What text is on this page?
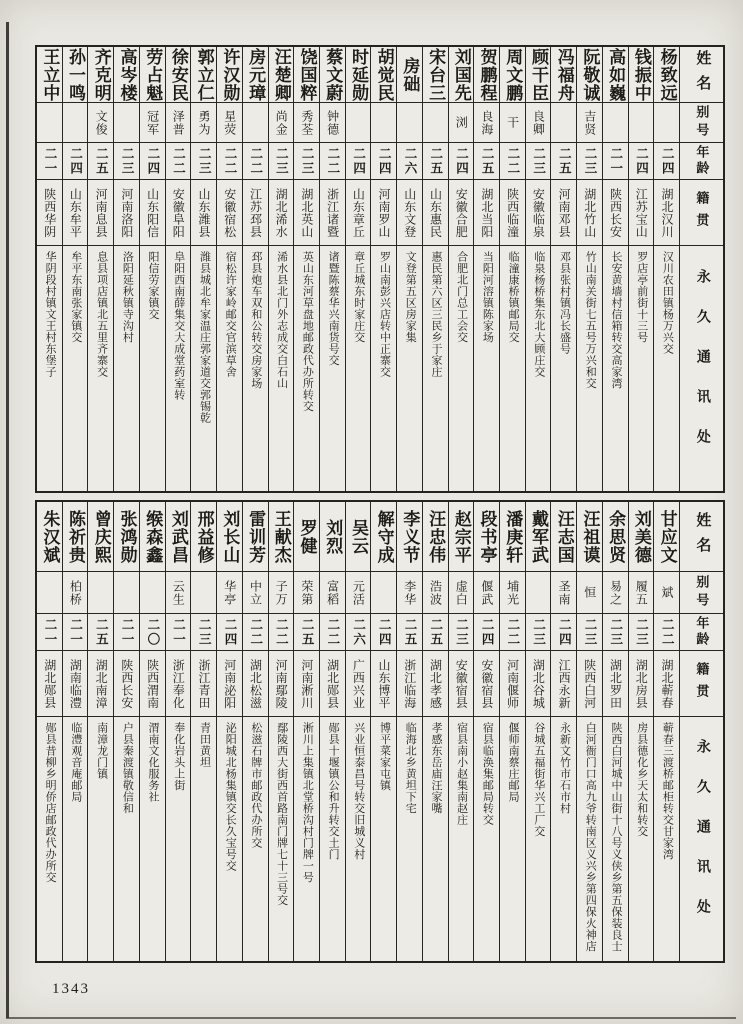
姓名
别号
年龄
籍贯
永久通讯处
杨致远
二四
湖北汉川
汉川农田镇杨万兴交
钱振中
二四
江苏宝山
罗店亭前街十三号
高如巍
二一
陕西长安
长安黄墙村信箱转交高家湾
阮敬诚
吉贤
二三
湖北竹山
竹山南关街七五号万兴和交
冯福舟
二五
河南邓县
邓县张村镇冯长盛号
顾干臣
良卿
二三
安徽临泉
临泉杨桥集东北大顾庄交
周文鹏
干
二二
陕西临潼
临潼康桥镇邮局交
贺鹏程
良海
二五
湖北当阳
当阳河溶镇陈家场
刘国先
浏
二四
安徽合肥
合肥北门总工会交
宋台三
二五
山东惠民
惠民第六区三民乡于家庄
房础
二六
山东文登
文登第五区房家集
胡觉民
二四
河南罗山
罗山南彭兴店转中正寨交
时延勋
二四
山东章丘
章丘城东时家庄交
蔡文蔚
钟德
二二
浙江诸暨
诸暨陈蔡华兴南货号交
饶国粹
秀荃
二三
湖北英山
英山东河草盘地邮政代办所转交
汪楚卿
尚金
二三
湖北浠水
浠水县北门外志成交白石山
房元璋
二二
江苏邳县
邳县炮车双和公转交房家场
许汉勋
星荧
二二
安徽宿松
宿松许家岭邮交官滨草舍
郭立仁
勇为
二三
山东潍县
潍县城北牟家温庄郭家道交郭锡乾
徐安民
泽普
二二
安徽阜阳
阜阳西南薛集交大成堂药室转
劳占魁
冠军
二四
山东阳信
阳信劳家镇交
高岑楼
二三
河南洛阳
洛阳延秋镇寺沟村
齐克明
文俊
二五
河南息县
息县项店镇北五里齐寨交
孙一鸣
二四
山东牟平
牟平东南张家镇交
王立中
二一
陕西华阴
华阴段村镇文王村东堡子
姓名
别号
年龄
籍贯
永久通讯处
甘应文
斌
二二
湖北蕲春
蕲春三渡桥邮柜转交甘家湾
刘美德
履五
二三
湖北房县
房县德化乡天太和转交
余思贤
易之
二三
湖北罗田
陕西白河城中山街十八号义侠乡第五保装良士
汪祖谟
恒
二三
陕西白河
白河衙门口高九爷转南区义兴乡第四保火神店
汪志国
圣南
二四
江西永新
永新文竹市石市村
戴军武
二三
湖北谷城
谷城五福街华兴工厂交
潘庚轩
埔光
二二
河南偃师
偃师南蔡庄邮局
段书亭
偃武
二四
安徽宿县
宿县临涣集邮局转交
赵宗平
虚白
二三
安徽宿县
宿县南小赵集南赵庄
汪忠伟
浩波
二五
湖北孝感
孝感东岳庙汪家嘴
李义节
李华
二五
浙江临海
临海北乡黄坦下宅
解守成
二四
山东博平
博平菜家屯镇
吴云
元活
二六
广西兴业
兴业恒泰昌号转交旧城义村
刘烈
富稻
二二
湖北郧县
郧县十堰镇公和升转交土门
罗健
荣第
二五
河南淅川
淅川上集镇北堂桥沟村门牌一号
王献杰
子万
二二
河南鄢陵
鄢陵西大街西首路南门牌七十三号交
雷训芳
中立
二二
湖北松滋
松滋石牌市邮政代办所交
刘长山
华亭
二四
河南泌阳
泌阳城北杨集镇交长久宝号交
邢益修
二三
浙江青田
青田黄坦
刘武昌
云生
二一
浙江奉化
奉化岩头上街
缑森鑫
二〇
陕西渭南
渭南文化服务社
张鸿勋
二一
陕西长安
户县秦渡镇敬信和
曾庆熙
二五
湖北南漳
南漳龙门镇
陈祈贵
柏桥
二一
湖南临澧
临澧观音庵邮局
朱汉斌
二一
湖北郧县
郧县昔柳乡明侨店邮政代办所交
1343
